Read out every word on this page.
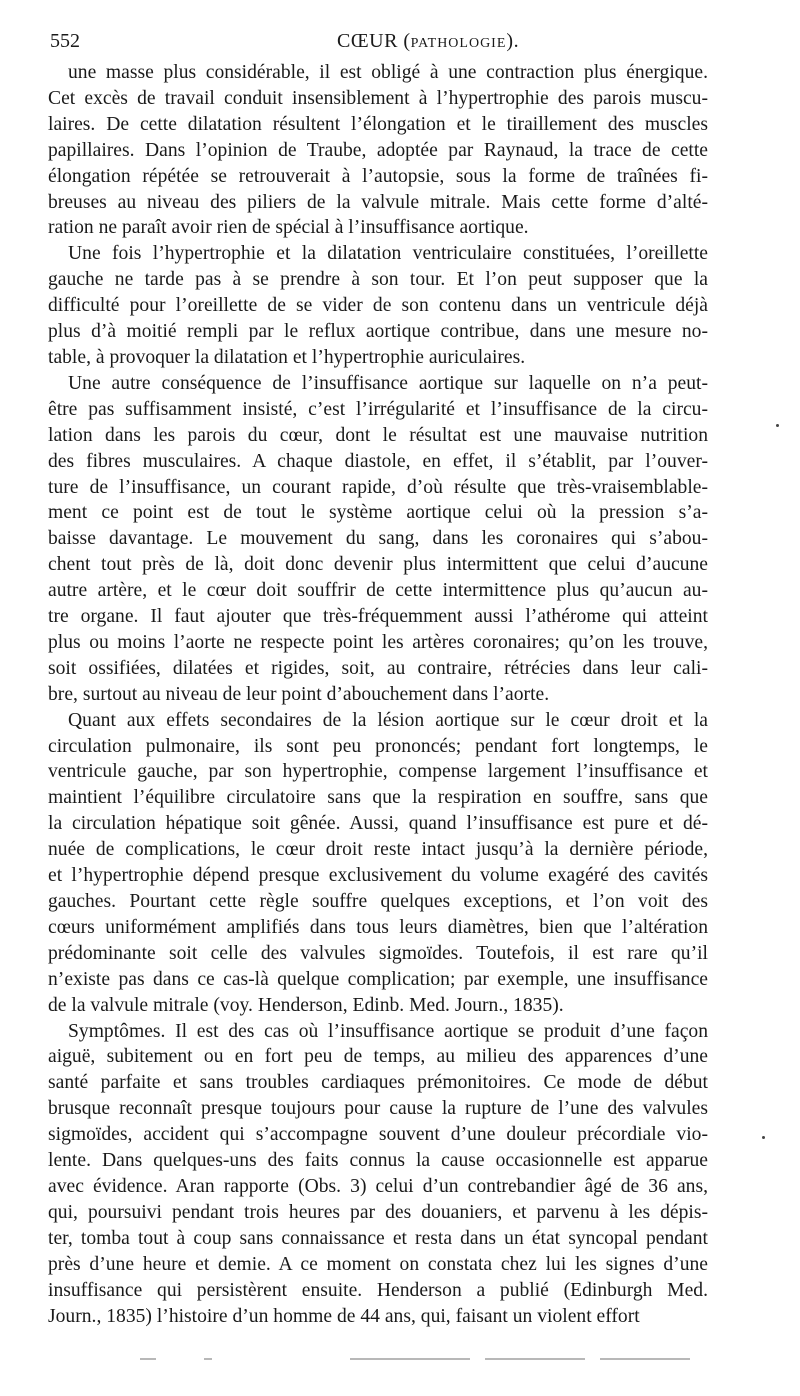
552	CŒUR (PATHOLOGIE).

une masse plus considérable, il est obligé à une contraction plus énergique.
Cet excès de travail conduit insensiblement à l’hypertrophie des parois muscu-
laires. De cette dilatation résultent l’élongation et le tiraillement des muscles
papillaires. Dans l’opinion de Traube, adoptée par Raynaud, la trace de cette
élongation répétée se retrouverait à l’autopsie, sous la forme de traînées fi-
breuses au niveau des piliers de la valvule mitrale. Mais cette forme d’alté-
ration ne paraît avoir rien de spécial à l’insuffisance aortique.

Une fois l’hypertrophie et la dilatation ventriculaire constituées, l’oreillette
gauche ne tarde pas à se prendre à son tour. Et l’on peut supposer que la
difficulté pour l’oreillette de se vider de son contenu dans un ventricule déjà
plus d’à moitié rempli par le reflux aortique contribue, dans une mesure no-
table, à provoquer la dilatation et l’hypertrophie auriculaires.

Une autre conséquence de l’insuffisance aortique sur laquelle on n’a peut-
être pas suffisamment insisté, c’est l’irrégularité et l’insuffisance de la circu-
lation dans les parois du cœur, dont le résultat est une mauvaise nutrition
des fibres musculaires. A chaque diastole, en effet, il s’établit, par l’ouver-
ture de l’insuffisance, un courant rapide, d’où résulte que très-vraisemblable-
ment ce point est de tout le système aortique celui où la pression s’a-
baisse davantage. Le mouvement du sang, dans les coronaires qui s’abou-
chent tout près de là, doit donc devenir plus intermittent que celui d’aucune
autre artère, et le cœur doit souffrir de cette intermittence plus qu’aucun au-
tre organe. Il faut ajouter que très-fréquemment aussi l’athérome qui atteint
plus ou moins l’aorte ne respecte point les artères coronaires; qu’on les trouve,
soit ossifiées, dilatées et rigides, soit, au contraire, rétrécies dans leur cali-
bre, surtout au niveau de leur point d’abouchement dans l’aorte.

Quant aux effets secondaires de la lésion aortique sur le cœur droit et la
circulation pulmonaire, ils sont peu prononcés; pendant fort longtemps, le
ventricule gauche, par son hypertrophie, compense largement l’insuffisance et
maintient l’équilibre circulatoire sans que la respiration en souffre, sans que
la circulation hépatique soit gênée. Aussi, quand l’insuffisance est pure et dé-
nuée de complications, le cœur droit reste intact jusqu’à la dernière période,
et l’hypertrophie dépend presque exclusivement du volume exagéré des cavités
gauches. Pourtant cette règle souffre quelques exceptions, et l’on voit des
cœurs uniformément amplifiés dans tous leurs diamètres, bien que l’altération
prédominante soit celle des valvules sigmoïdes. Toutefois, il est rare qu’il
n’existe pas dans ce cas-là quelque complication; par exemple, une insuffisance
de la valvule mitrale (voy. Henderson, Edinb. Med. Journ., 1835).

Symptômes. Il est des cas où l’insuffisance aortique se produit d’une façon
aiguë, subitement ou en fort peu de temps, au milieu des apparences d’une
santé parfaite et sans troubles cardiaques prémonitoires. Ce mode de début
brusque reconnaît presque toujours pour cause la rupture de l’une des valvules
sigmoïdes, accident qui s’accompagne souvent d’une douleur précordiale vio-
lente. Dans quelques-uns des faits connus la cause occasionnelle est apparue
avec évidence. Aran rapporte (Obs. 3) celui d’un contrebandier âgé de 36 ans,
qui, poursuivi pendant trois heures par des douaniers, et parvenu à les dépis-
ter, tomba tout à coup sans connaissance et resta dans un état syncopal pendant
près d’une heure et demie. A ce moment on constata chez lui les signes d’une
insuffisance qui persistèrent ensuite. Henderson a publié (Edinburgh Med.
Journ., 1835) l’histoire d’un homme de 44 ans, qui, faisant un violent effort
